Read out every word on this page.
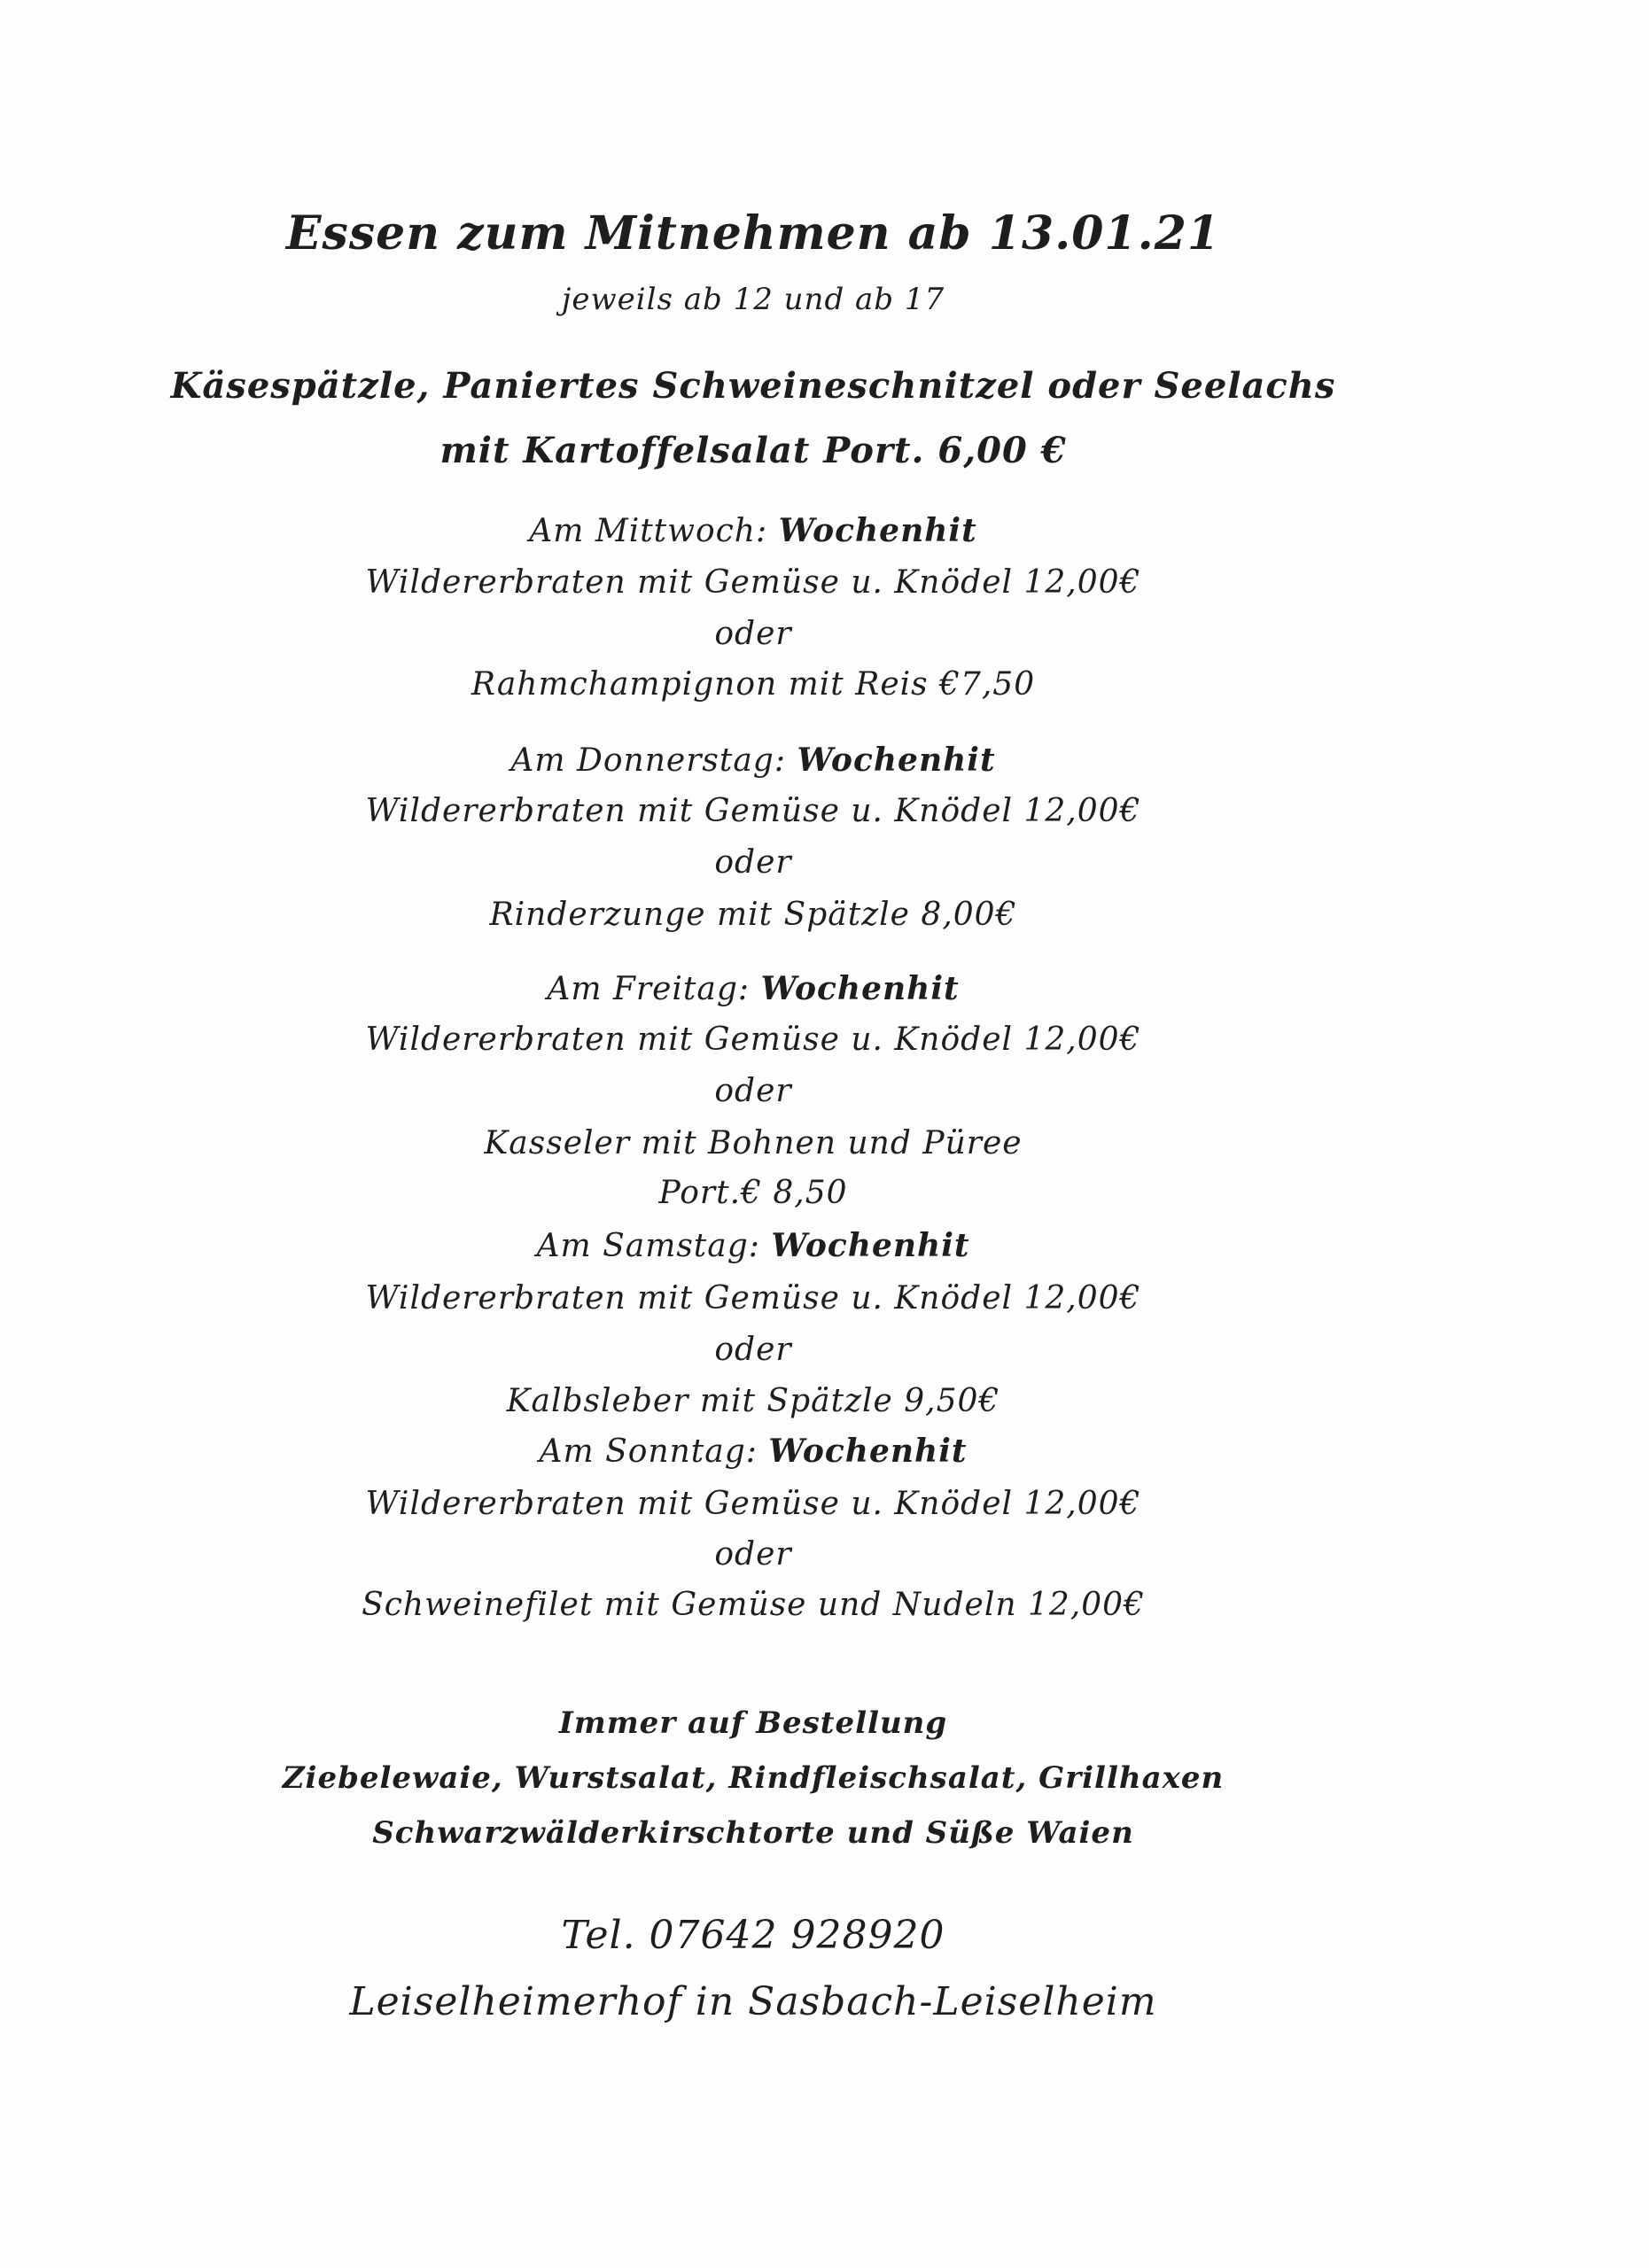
Essen zum Mitnehmen ab 13.01.21
jeweils ab 12 und ab 17
Käsespätzle, Paniertes Schweineschnitzel oder Seelachs
mit Kartoffelsalat Port. 6,00 €
Am Mittwoch: Wochenhit
Wildererbraten mit Gemüse u. Knödel 12,00€
oder
Rahmchampignon mit Reis €7,50
Am Donnerstag: Wochenhit
Wildererbraten mit Gemüse u. Knödel 12,00€
oder
Rinderzunge mit Spätzle 8,00€
Am Freitag: Wochenhit
Wildererbraten mit Gemüse u. Knödel 12,00€
oder
Kasseler mit Bohnen und Püree
Port.€ 8,50
Am Samstag: Wochenhit
Wildererbraten mit Gemüse u. Knödel 12,00€
oder
Kalbsleber mit Spätzle 9,50€
Am Sonntag: Wochenhit
Wildererbraten mit Gemüse u. Knödel 12,00€
oder
Schweinefilet mit Gemüse und Nudeln 12,00€
Immer auf Bestellung
Ziebelewaie, Wurstsalat, Rindfleischsalat, Grillhaxen
Schwarzwälderkirschtorte und Süße Waien
Tel. 07642 928920
Leiselheimerhof in Sasbach-Leiselheim
